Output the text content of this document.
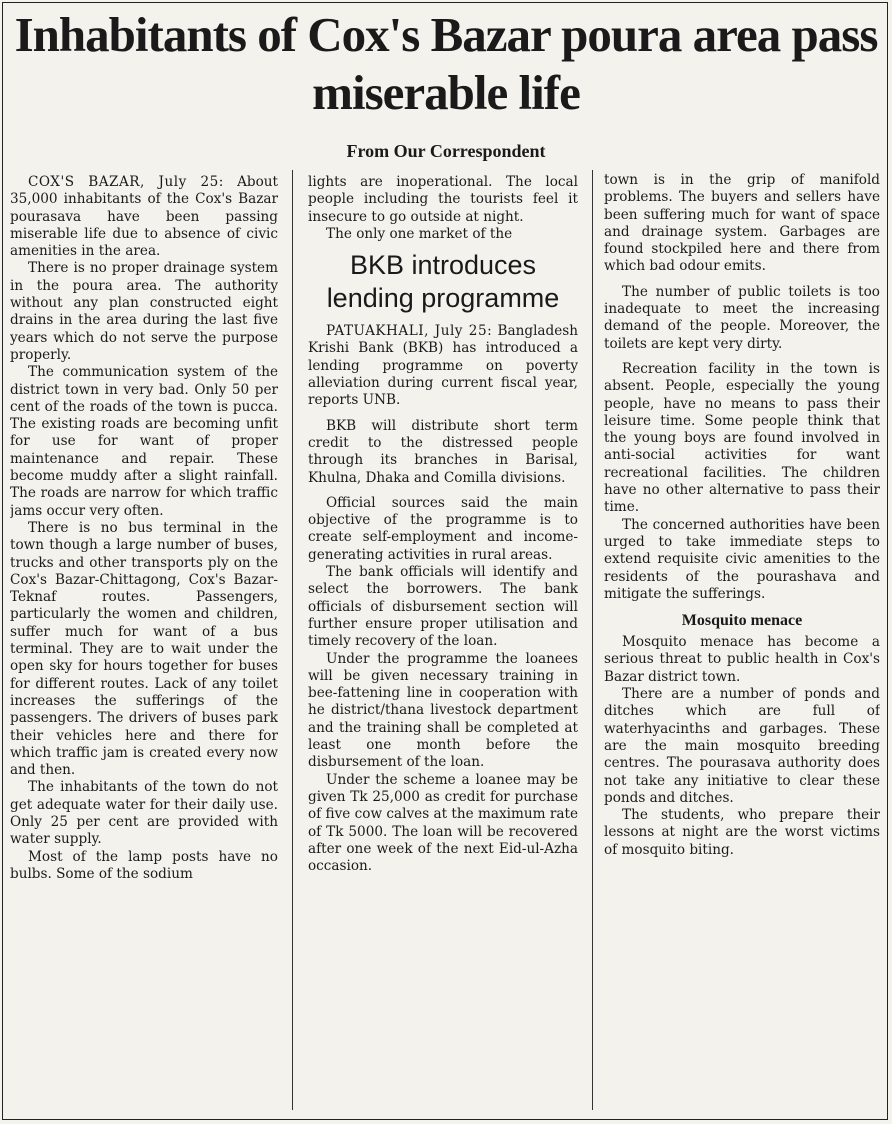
Inhabitants of Cox's Bazar poura area pass miserable life
From Our Correspondent

COX'S BAZAR, July 25: About 35,000 inhabitants of the Cox's Bazar pourasava have been passing miserable life due to absence of civic amenities in the area.

There is no proper drainage system in the poura area. The authority without any plan constructed eight drains in the area during the last five years which do not serve the purpose properly.

The communication system of the district town in very bad. Only 50 per cent of the roads of the town is pucca. The existing roads are becoming unfit for use for want of proper maintenance and repair. These become muddy after a slight rainfall. The roads are narrow for which traffic jams occur very often.

There is no bus terminal in the town though a large number of buses, trucks and other transports ply on the Cox's Bazar-Chittagong, Cox's Bazar-Teknaf routes. Passengers, particularly the women and children, suffer much for want of a bus terminal. They are to wait under the open sky for hours together for buses for different routes. Lack of any toilet increases the sufferings of the passengers. The drivers of buses park their vehicles here and there for which traffic jam is created every now and then.

The inhabitants of the town do not get adequate water for their daily use. Only 25 per cent are provided with water supply.

Most of the lamp posts have no bulbs. Some of the sodium

lights are inoperational. The local people including the tourists feel it insecure to go outside at night.

The only one market of the

BKB introduces lending programme

PATUAKHALI, July 25: Bangladesh Krishi Bank (BKB) has introduced a lending programme on poverty alleviation during current fiscal year, reports UNB.

BKB will distribute short term credit to the distressed people through its branches in Barisal, Khulna, Dhaka and Comilla divisions.

Official sources said the main objective of the programme is to create self-employment and income-generating activities in rural areas.

The bank officials will identify and select the borrowers. The bank officials of disbursement section will further ensure proper utilisation and timely recovery of the loan.

Under the programme the loanees will be given necessary training in bee-fattening line in cooperation with he district/thana livestock department and the training shall be completed at least one month before the disbursement of the loan.

Under the scheme a loanee may be given Tk 25,000 as credit for purchase of five cow calves at the maximum rate of Tk 5000. The loan will be recovered after one week of the next Eid-ul-Azha occasion.

town is in the grip of manifold problems. The buyers and sellers have been suffering much for want of space and drainage system. Garbages are found stockpiled here and there from which bad odour emits.

The number of public toilets is too inadequate to meet the increasing demand of the people. Moreover, the toilets are kept very dirty.

Recreation facility in the town is absent. People, especially the young people, have no means to pass their leisure time. Some people think that the young boys are found involved in anti-social activities for want recreational facilities. The children have no other alternative to pass their time.

The concerned authorities have been urged to take immediate steps to extend requisite civic amenities to the residents of the pourashava and mitigate the sufferings.

Mosquito menace

Mosquito menace has become a serious threat to public health in Cox's Bazar district town.

There are a number of ponds and ditches which are full of waterhyacinths and garbages. These are the main mosquito breeding centres. The pourasava authority does not take any initiative to clear these ponds and ditches.

The students, who prepare their lessons at night are the worst victims of mosquito biting.
